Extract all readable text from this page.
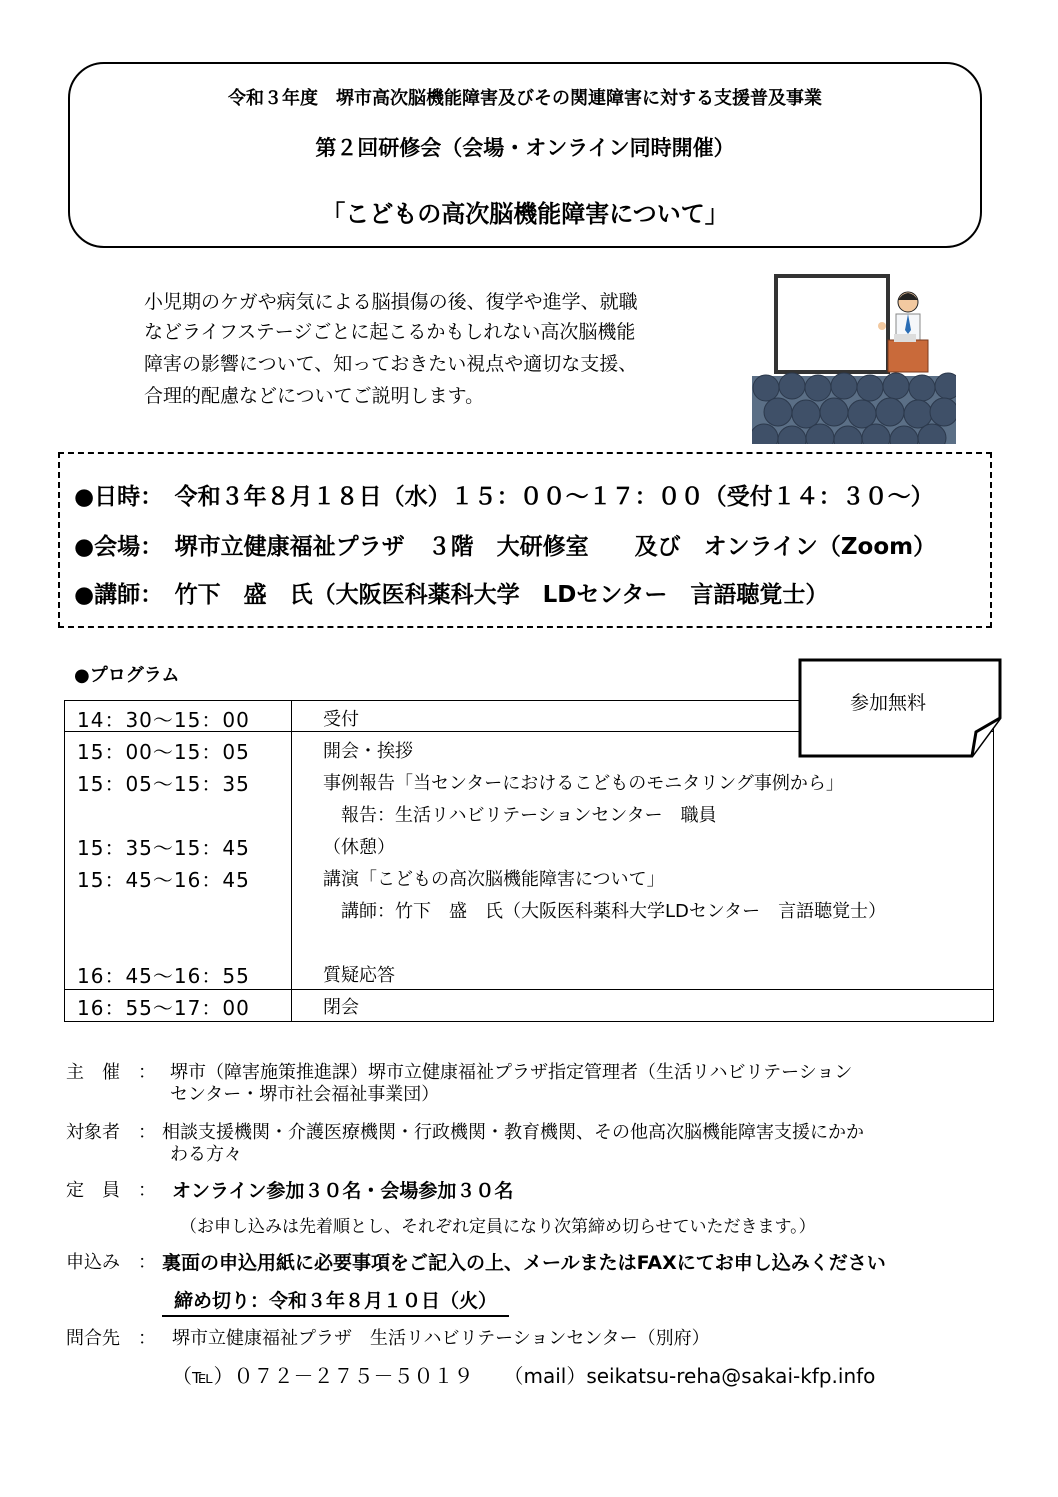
令和３年度　堺市高次脳機能障害及びその関連障害に対する支援普及事業
第２回研修会（会場・オンライン同時開催）
「こどもの高次脳機能障害について」
小児期のケガや病気による脳損傷の後、復学や進学、就職
などライフステージごとに起こるかもしれない高次脳機能
障害の影響について、知っておきたい視点や適切な支援、
合理的配慮などについてご説明します。
●日時：　令和３年８月１８日（水）１５：００〜１７：００（受付１４：３０〜）
●会場：　堺市立健康福祉プラザ　３階　大研修室　　及び　オンライン（Zoom）
●講師：　竹下　盛　氏（大阪医科薬科大学　LDセンター　言語聴覚士）
●プログラム
14：30〜15：00	受付
15：00〜15：05	開会・挨拶
15：05〜15：35	事例報告「当センターにおけるこどものモニタリング事例から」
　報告：生活リハビリテーションセンター　職員
15：35〜15：45	（休憩）
15：45〜16：45	講演「こどもの高次脳機能障害について」
　講師：竹下　盛　氏（大阪医科薬科大学LDセンター　言語聴覚士）
16：45〜16：55	質疑応答
16：55〜17：00	閉会
参加無料
主　催　： 堺市（障害施策推進課）堺市立健康福祉プラザ指定管理者（生活リハビリテーション
センター・堺市社会福祉事業団）
対象者　： 相談支援機関・介護医療機関・行政機関・教育機関、その他高次脳機能障害支援にかか
わる方々
定　員　： オンライン参加３０名・会場参加３０名
（お申し込みは先着順とし、それぞれ定員になり次第締め切らせていただきます。）
申込み　： 裏面の申込用紙に必要事項をご記入の上、メールまたはFAXにてお申し込みください
締め切り：令和３年８月１０日（火）
問合先　： 堺市立健康福祉プラザ　生活リハビリテーションセンター（別府）
（℡）０７２－２７５－５０１９　　（mail）seikatsu-reha@sakai-kfp.info
